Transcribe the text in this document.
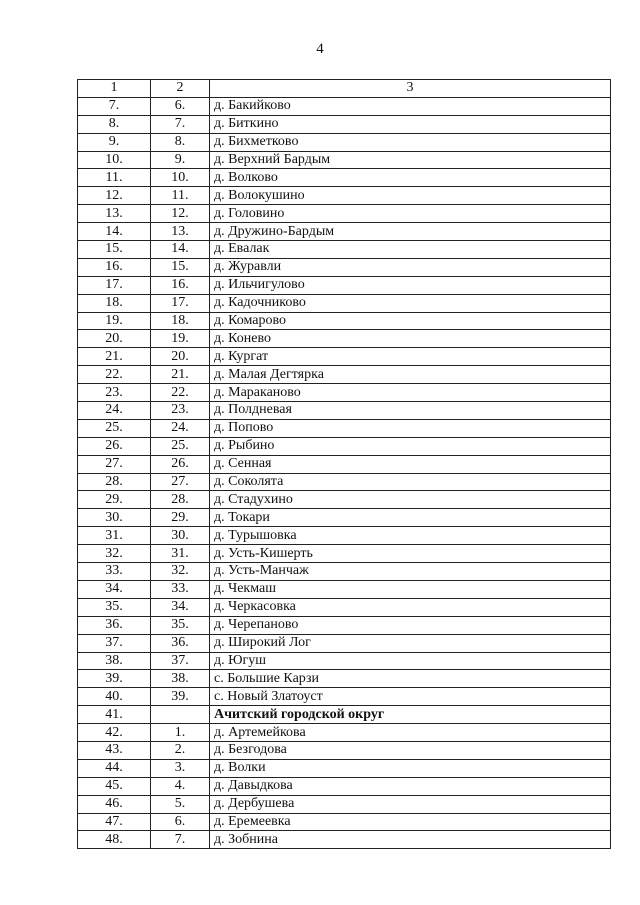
4
1	2	3
7.	6.	д. Бакийково
8.	7.	д. Биткино
9.	8.	д. Бихметково
10.	9.	д. Верхний Бардым
11.	10.	д. Волково
12.	11.	д. Волокушино
13.	12.	д. Головино
14.	13.	д. Дружино-Бардым
15.	14.	д. Евалак
16.	15.	д. Журавли
17.	16.	д. Ильчигулово
18.	17.	д. Кадочниково
19.	18.	д. Комарово
20.	19.	д. Конево
21.	20.	д. Кургат
22.	21.	д. Малая Дегтярка
23.	22.	д. Мараканово
24.	23.	д. Полдневая
25.	24.	д. Попово
26.	25.	д. Рыбино
27.	26.	д. Сенная
28.	27.	д. Соколята
29.	28.	д. Стадухино
30.	29.	д. Токари
31.	30.	д. Турышовка
32.	31.	д. Усть-Кишерть
33.	32.	д. Усть-Манчаж
34.	33.	д. Чекмаш
35.	34.	д. Черкасовка
36.	35.	д. Черепаново
37.	36.	д. Широкий Лог
38.	37.	д. Югуш
39.	38.	с. Большие Карзи
40.	39.	с. Новый Златоуст
41.		Ачитский городской округ
42.	1.	д. Артемейкова
43.	2.	д. Безгодова
44.	3.	д. Волки
45.	4.	д. Давыдкова
46.	5.	д. Дербушева
47.	6.	д. Еремеевка
48.	7.	д. Зобнина
